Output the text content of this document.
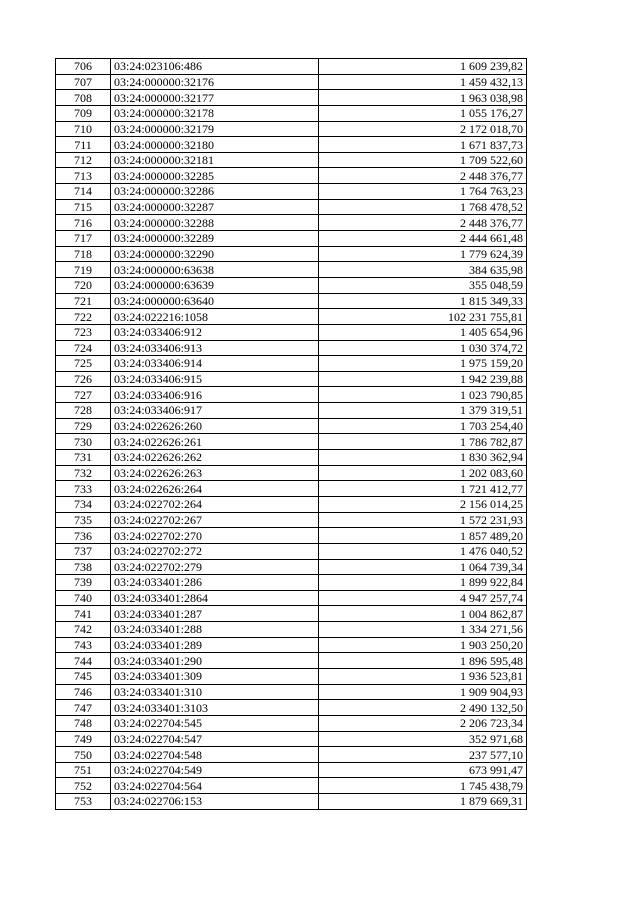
706	03:24:023106:486	1 609 239,82
707	03:24:000000:32176	1 459 432,13
708	03:24:000000:32177	1 963 038,98
709	03:24:000000:32178	1 055 176,27
710	03:24:000000:32179	2 172 018,70
711	03:24:000000:32180	1 671 837,73
712	03:24:000000:32181	1 709 522,60
713	03:24:000000:32285	2 448 376,77
714	03:24:000000:32286	1 764 763,23
715	03:24:000000:32287	1 768 478,52
716	03:24:000000:32288	2 448 376,77
717	03:24:000000:32289	2 444 661,48
718	03:24:000000:32290	1 779 624,39
719	03:24:000000:63638	384 635,98
720	03:24:000000:63639	355 048,59
721	03:24:000000:63640	1 815 349,33
722	03:24:022216:1058	102 231 755,81
723	03:24:033406:912	1 405 654,96
724	03:24:033406:913	1 030 374,72
725	03:24:033406:914	1 975 159,20
726	03:24:033406:915	1 942 239,88
727	03:24:033406:916	1 023 790,85
728	03:24:033406:917	1 379 319,51
729	03:24:022626:260	1 703 254,40
730	03:24:022626:261	1 786 782,87
731	03:24:022626:262	1 830 362,94
732	03:24:022626:263	1 202 083,60
733	03:24:022626:264	1 721 412,77
734	03:24:022702:264	2 156 014,25
735	03:24:022702:267	1 572 231,93
736	03:24:022702:270	1 857 489,20
737	03:24:022702:272	1 476 040,52
738	03:24:022702:279	1 064 739,34
739	03:24:033401:286	1 899 922,84
740	03:24:033401:2864	4 947 257,74
741	03:24:033401:287	1 004 862,87
742	03:24:033401:288	1 334 271,56
743	03:24:033401:289	1 903 250,20
744	03:24:033401:290	1 896 595,48
745	03:24:033401:309	1 936 523,81
746	03:24:033401:310	1 909 904,93
747	03:24:033401:3103	2 490 132,50
748	03:24:022704:545	2 206 723,34
749	03:24:022704:547	352 971,68
750	03:24:022704:548	237 577,10
751	03:24:022704:549	673 991,47
752	03:24:022704:564	1 745 438,79
753	03:24:022706:153	1 879 669,31
